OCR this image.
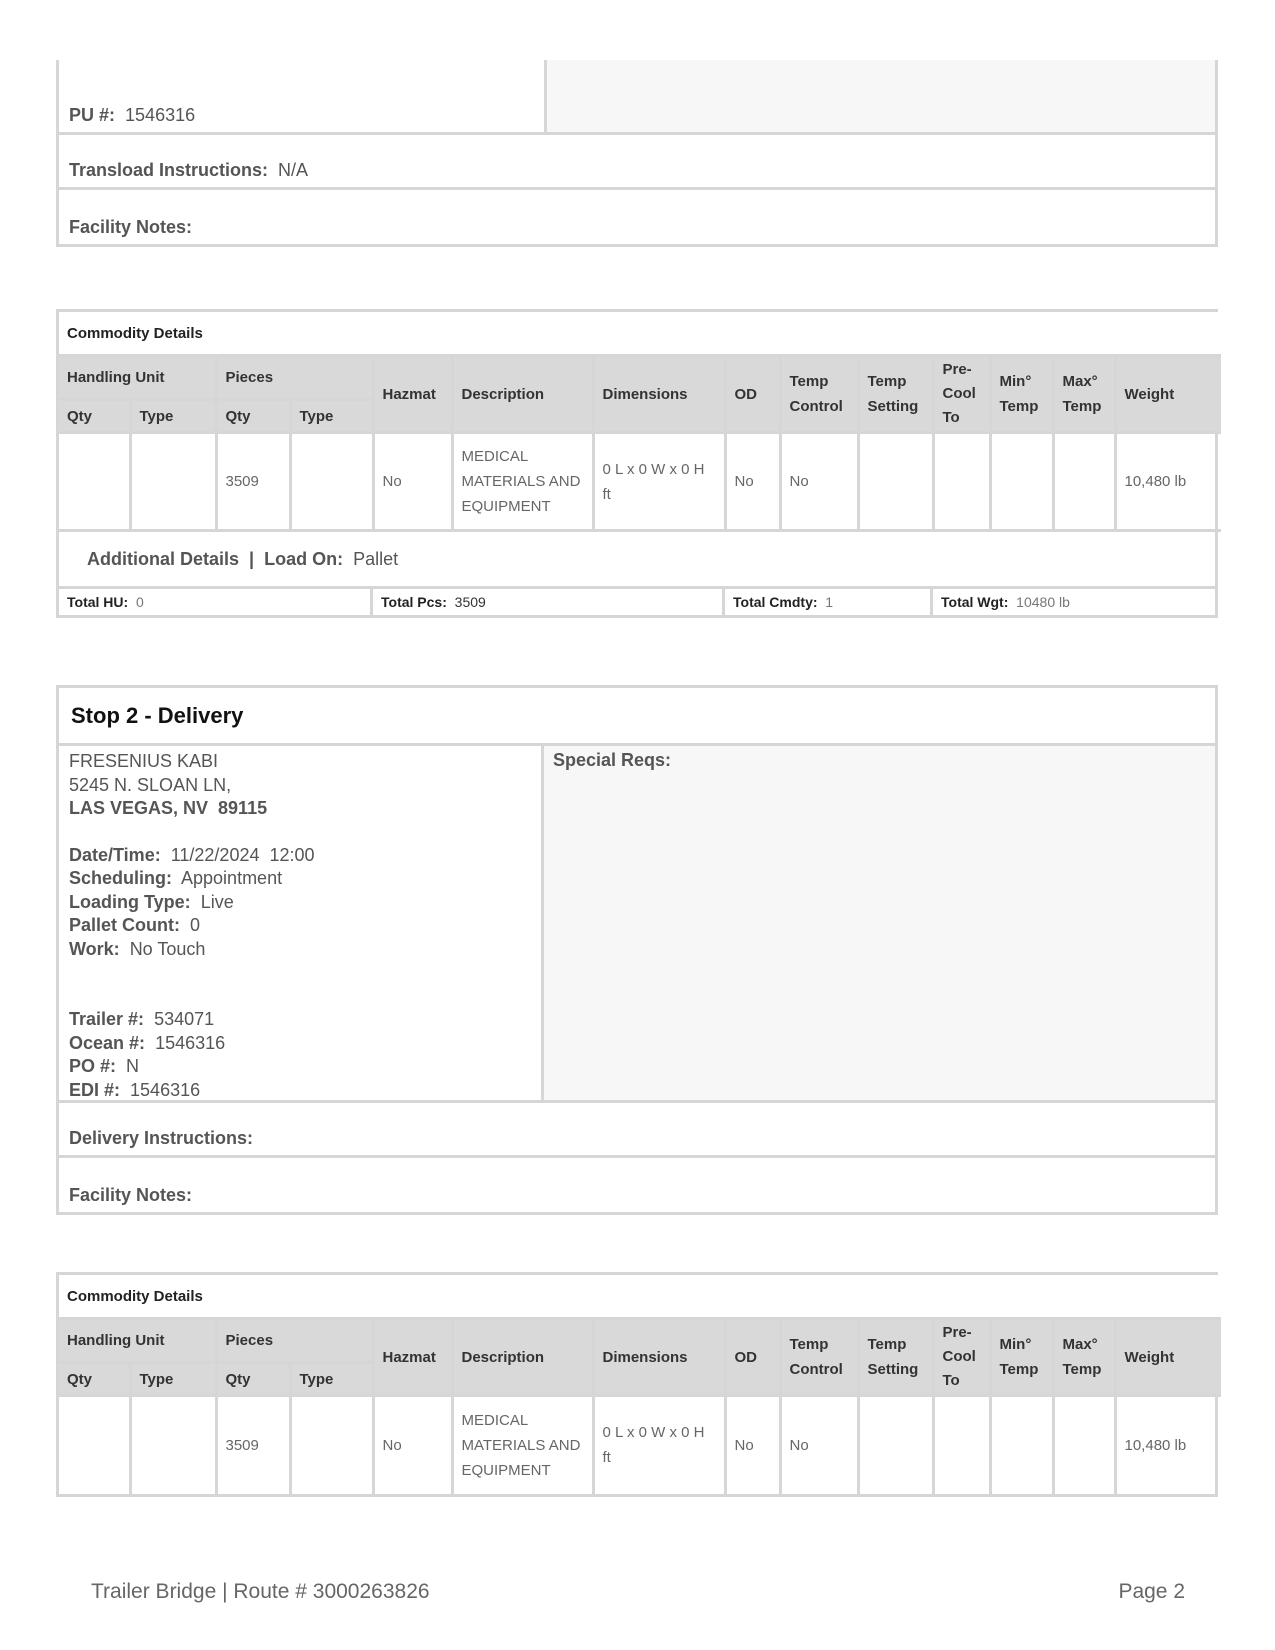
PU #: 1546316
Transload Instructions: N/A
Facility Notes:
Commodity Details													
Handling Unit		Pieces		Hazmat	Description	Dimensions	OD	Temp Control	Temp Setting	Pre-Cool To	Min° Temp	Max° Temp	Weight
Qty	Type	Qty	Type										
		3509		No	MEDICAL MATERIALS AND EQUIPMENT	0 L x 0 W x 0 H ft	No	No					10,480 lb
Additional Details  |  Load On: Pallet
Total HU: 0	Total Pcs: 3509	Total Cmdty: 1	Total Wgt: 10480 lb
Stop 2 - Delivery
FRESENIUS KABI
5245 N. SLOAN LN,
LAS VEGAS, NV  89115
Date/Time: 11/22/2024  12:00
Scheduling: Appointment
Loading Type: Live
Pallet Count: 0
Work: No Touch
Trailer #: 534071
Ocean #: 1546316
PO #: N
EDI #: 1546316
Special Reqs:
Delivery Instructions:
Facility Notes:
Commodity Details													
Handling Unit		Pieces		Hazmat	Description	Dimensions	OD	Temp Control	Temp Setting	Pre-Cool To	Min° Temp	Max° Temp	Weight
Qty	Type	Qty	Type										
		3509		No	MEDICAL MATERIALS AND EQUIPMENT	0 L x 0 W x 0 H ft	No	No					10,480 lb
Trailer Bridge | Route # 3000263826	Page 2
